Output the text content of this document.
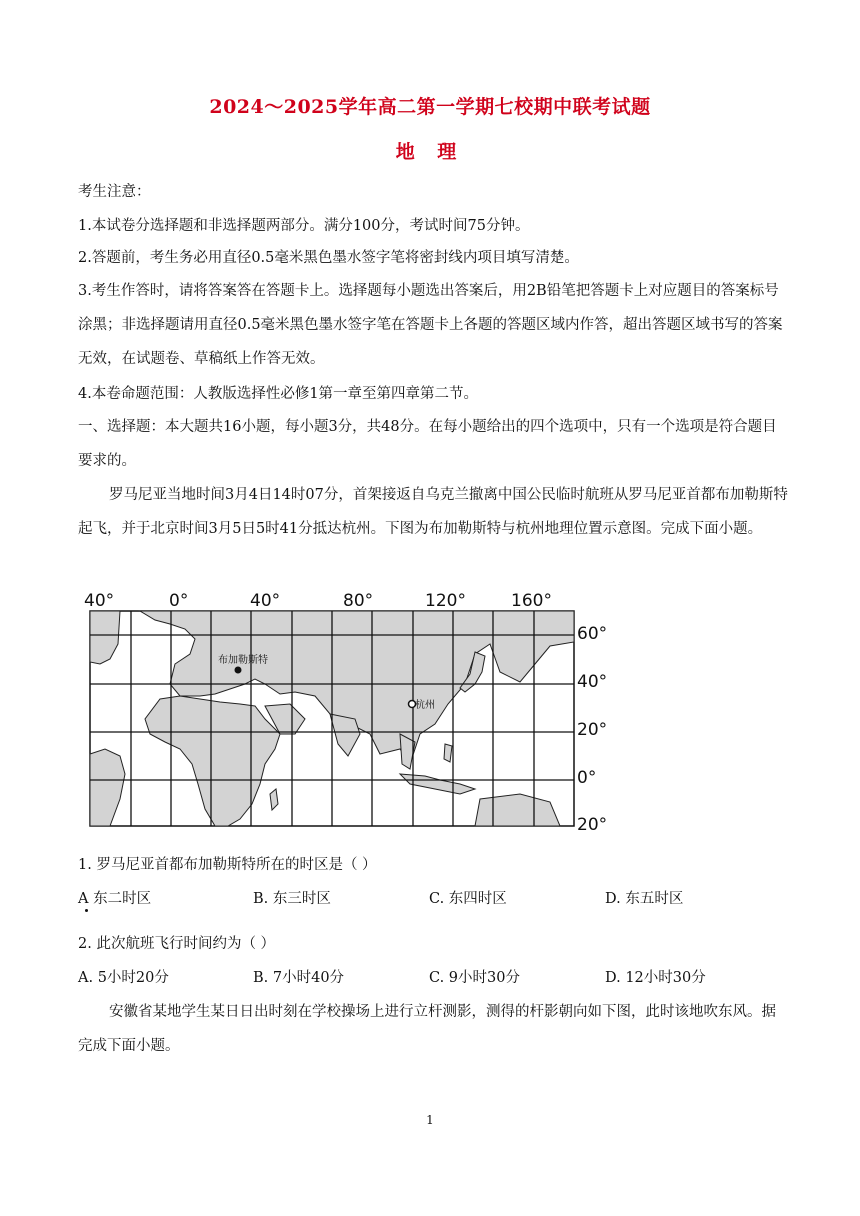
2024～2025学年高二第一学期七校期中联考试题
地 理
考生注意：
1.本试卷分选择题和非选择题两部分。满分100分，考试时间75分钟。
2.答题前，考生务必用直径0.5毫米黑色墨水签字笔将密封线内项目填写清楚。
3.考生作答时，请将答案答在答题卡上。选择题每小题选出答案后，用2B铅笔把答题卡上对应题目的答案标号涂黑；非选择题请用直径0.5毫米黑色墨水签字笔在答题卡上各题的答题区域内作答，超出答题区域书写的答案无效，在试题卷、草稿纸上作答无效。
4.本卷命题范围：人教版选择性必修1第一章至第四章第二节。
一、选择题：本大题共16小题，每小题3分，共48分。在每小题给出的四个选项中，只有一个选项是符合题目要求的。
罗马尼亚当地时间3月4日14时07分，首架接返自乌克兰撤离中国公民临时航班从罗马尼亚首都布加勒斯特起飞，并于北京时间3月5日5时41分抵达杭州。下图为布加勒斯特与杭州地理位置示意图。完成下面小题。
40°	0°	40°	80°	120°	160°
60°
40°
20°
0°
20°
布加勒斯特
杭州
1. 罗马尼亚首都布加勒斯特所在的时区是（ ）
A 东二时区	B. 东三时区	C. 东四时区	D. 东五时区
2. 此次航班飞行时间约为（ ）
A. 5小时20分	B. 7小时40分	C. 9小时30分	D. 12小时30分
安徽省某地学生某日日出时刻在学校操场上进行立杆测影，测得的杆影朝向如下图，此时该地吹东风。据完成下面小题。
1
